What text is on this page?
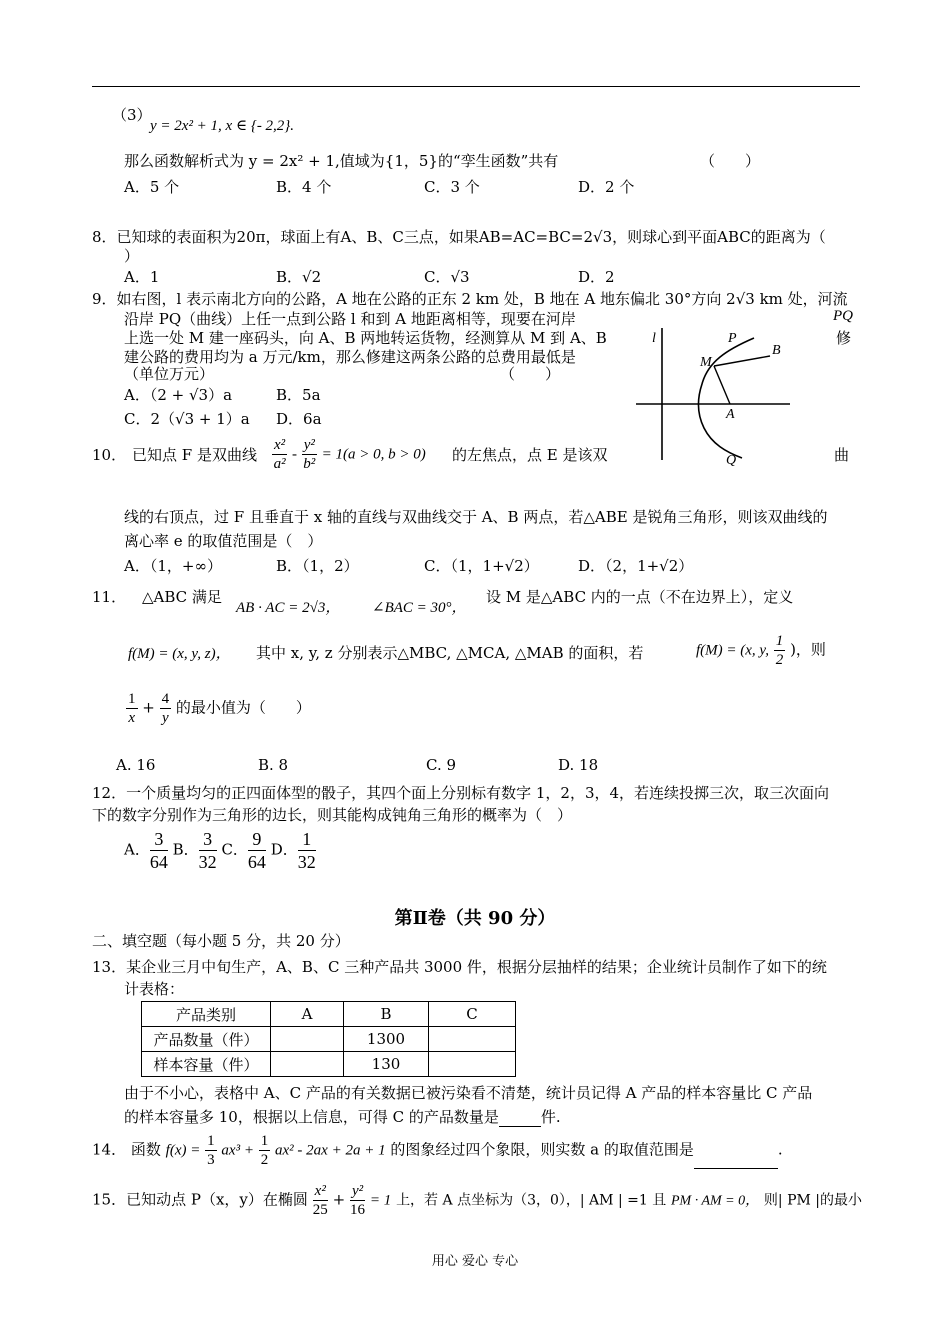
（3）
y = 2x² + 1, x ∈ {- 2,2}.
那么函数解析式为 y = 2x² + 1,值域为{1，5}的“孪生函数”共有	（　　）
A．5 个	B．4 个	C．3 个	D．2 个
8．已知球的表面积为20π，球面上有A、B、C三点，如果AB=AC=BC=2√3，则球心到平面ABC的距离为（
）
A．1	B．√2	C．√3	D．2
9．如右图，l 表示南北方向的公路，A 地在公路的正东 2 km 处，B 地在 A 地东偏北 30°方向 2√3 km 处，河流
沿岸 PQ（曲线）上任一点到公路 l 和到 A 地距离相等，现要在河岸	PQ
上选一处 M 建一座码头，向 A、B 两地转运货物，经测算从 M 到 A、B	修
建公路的费用均为 a 万元/km，那么修建这两条公路的总费用最低是
（单位万元）	（　　）
A．（2 + √3）a	B．5a
C．2（√3 + 1）a D．6a
l	P
B
M
A
Q
10． 已知点 F 是双曲线 $\frac{\text{x²}}{\text{a²}} - \frac{\text{y²}}{\text{b²}} = 1(a > 0$, b > 0) 的左焦点，点 E 是该双	曲
线的右顶点，过 F 且垂直于 x 轴的直线与双曲线交于 A、B 两点，若△ABE 是锐角三角形，则该双曲线的
离心率 e 的取值范围是（　）
A．（1，+∞）	B．（1，2）	C．（1，1+√2）	D．（2，1+√2）
11． △ABC 满足
AB · AC = 2√3， ∠BAC = 30°，
设 M 是△ABC 内的一点（不在边界上），定义
f(M) = (x, y, z)， 其中 x, y, z 分别表示△MBC, △MCA, △MAB 的面积，若	f(M) = (x, y, $\frac{1}{2}$ )，则
$\frac{1}{x} + \frac{4}{y}$ 的最小值为（　　）
A. 16	B. 8	C. 9	D. 18
12．一个质量均匀的正四面体型的骰子，其四个面上分别标有数字 1，2，3，4，若连续投掷三次，取三次面向
下的数字分别作为三角形的边长，则其能构成钝角三角形的概率为（　）
A． $\frac{3}{64}$ B． $\frac{3}{32}$ C． $\frac{9}{64}$ D． $\frac{1}{32}$
第Ⅱ卷（共 90 分）
二、填空题（每小题 5 分，共 20 分）
13．某企业三月中旬生产，A、B、C 三种产品共 3000 件，根据分层抽样的结果；企业统计员制作了如下的统
计表格：
产品类别	A	B	C
产品数量（件）		1300	
样本容量（件）		130	
由于不小心，表格中 A、C 产品的有关数据已被污染看不清楚，统计员记得 A 产品的样本容量比 C 产品
的样本容量多 10，根据以上信息，可得 C 的产品数量是	件.
14． 函数 $f(x) = \frac{1}{3} ax^3 + \frac{1}{2} ax^2 - 2ax + 2a + 1$ 的图象经过四个象限，则实数 a 的取值范围是	.
15．已知动点 P（x，y）在椭圆 $\frac{\text{x²}}{25} + \frac{\text{y²}}{16} = 1$ 上，若 A 点坐标为（3，0），| AM | =1 且 PM · AM = 0， 则| PM |的最小
用心 爱心 专心
